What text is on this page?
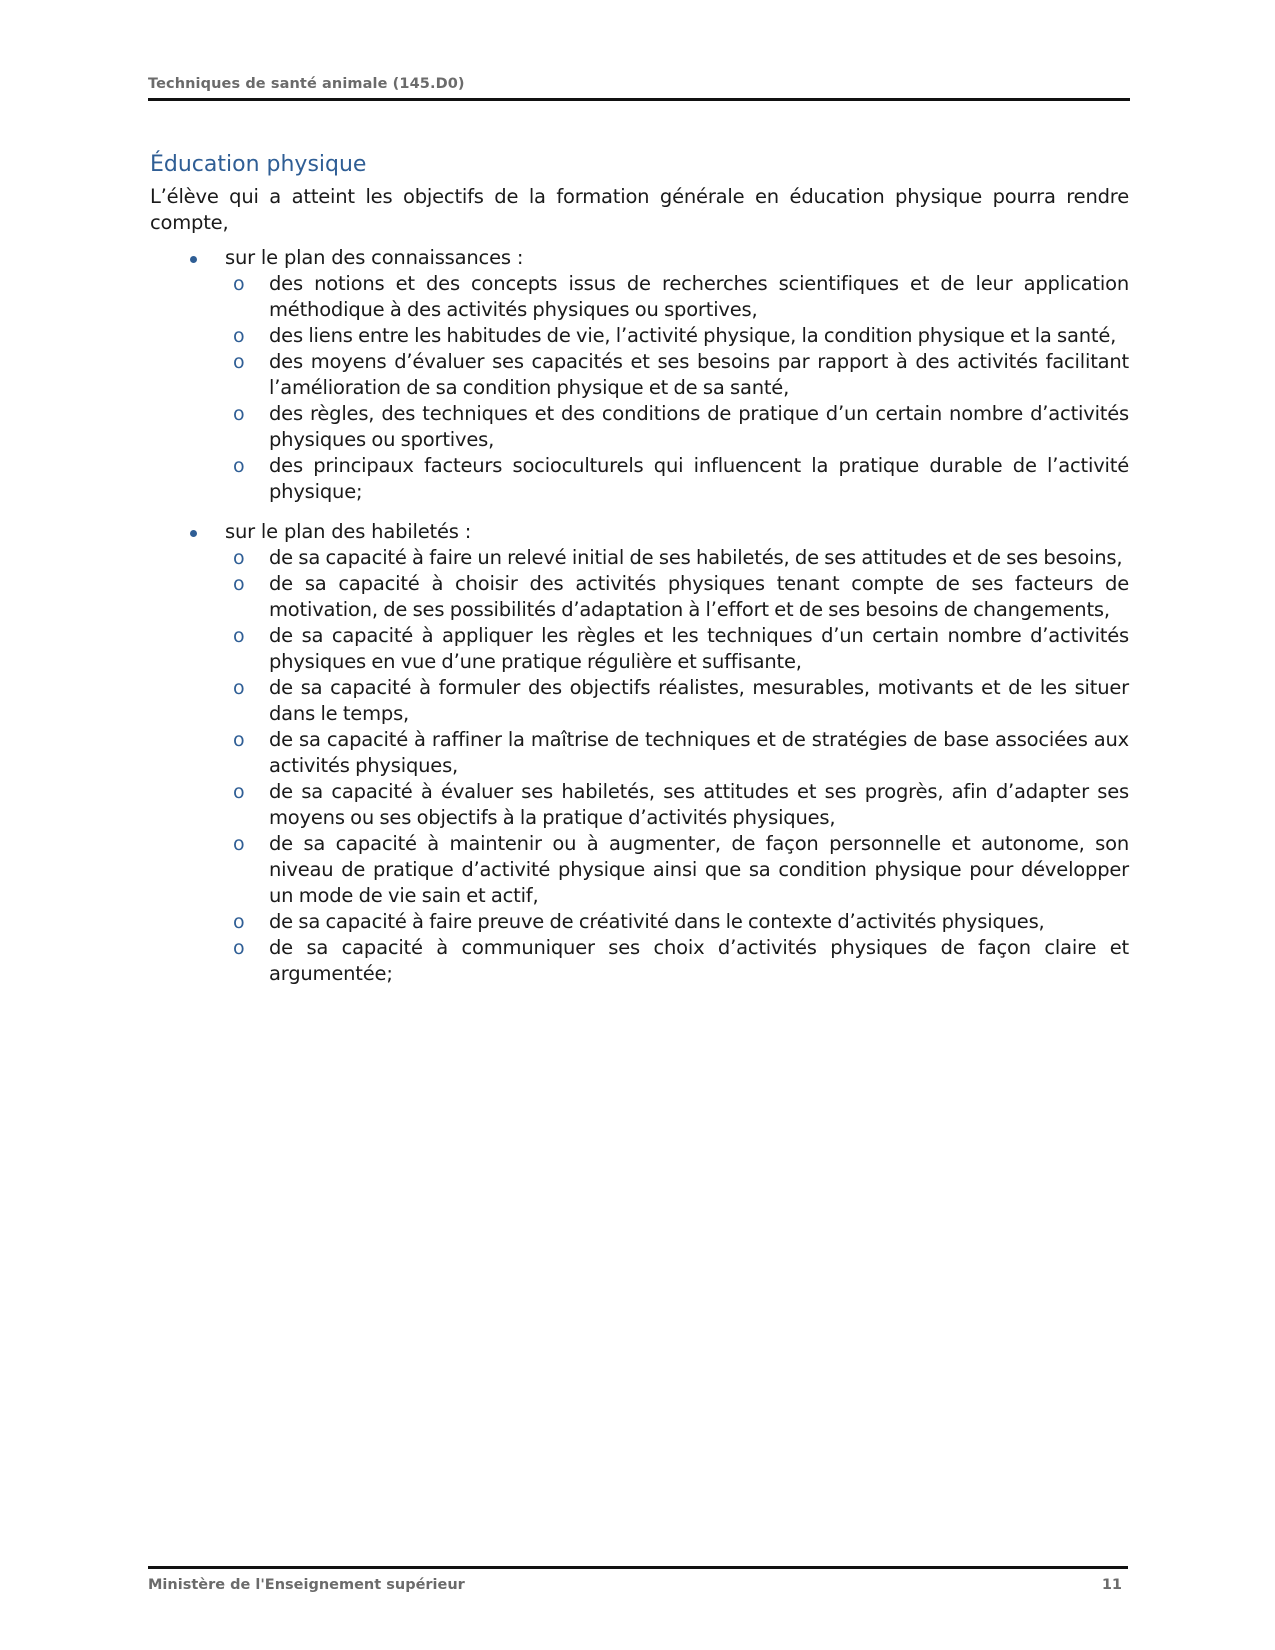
Techniques de santé animale (145.D0)
Éducation physique

L’élève qui a atteint les objectifs de la formation générale en éducation physique pourra rendre compte,

sur le plan des connaissances :
o des notions et des concepts issus de recherches scientifiques et de leur application méthodique à des activités physiques ou sportives,
o des liens entre les habitudes de vie, l’activité physique, la condition physique et la santé,
o des moyens d’évaluer ses capacités et ses besoins par rapport à des activités facilitant l’amélioration de sa condition physique et de sa santé,
o des règles, des techniques et des conditions de pratique d’un certain nombre d’activités physiques ou sportives,
o des principaux facteurs socioculturels qui influencent la pratique durable de l’activité physique;
sur le plan des habiletés :
o de sa capacité à faire un relevé initial de ses habiletés, de ses attitudes et de ses besoins,
o de sa capacité à choisir des activités physiques tenant compte de ses facteurs de motivation, de ses possibilités d’adaptation à l’effort et de ses besoins de changements,
o de sa capacité à appliquer les règles et les techniques d’un certain nombre d’activités physiques en vue d’une pratique régulière et suffisante,
o de sa capacité à formuler des objectifs réalistes, mesurables, motivants et de les situer dans le temps,
o de sa capacité à raffiner la maîtrise de techniques et de stratégies de base associées aux activités physiques,
o de sa capacité à évaluer ses habiletés, ses attitudes et ses progrès, afin d’adapter ses moyens ou ses objectifs à la pratique d’activités physiques,
o de sa capacité à maintenir ou à augmenter, de façon personnelle et autonome, son niveau de pratique d’activité physique ainsi que sa condition physique pour développer un mode de vie sain et actif,
o de sa capacité à faire preuve de créativité dans le contexte d’activités physiques,
o de sa capacité à communiquer ses choix d’activités physiques de façon claire et argumentée;
Ministère de l'Enseignement supérieur	11
